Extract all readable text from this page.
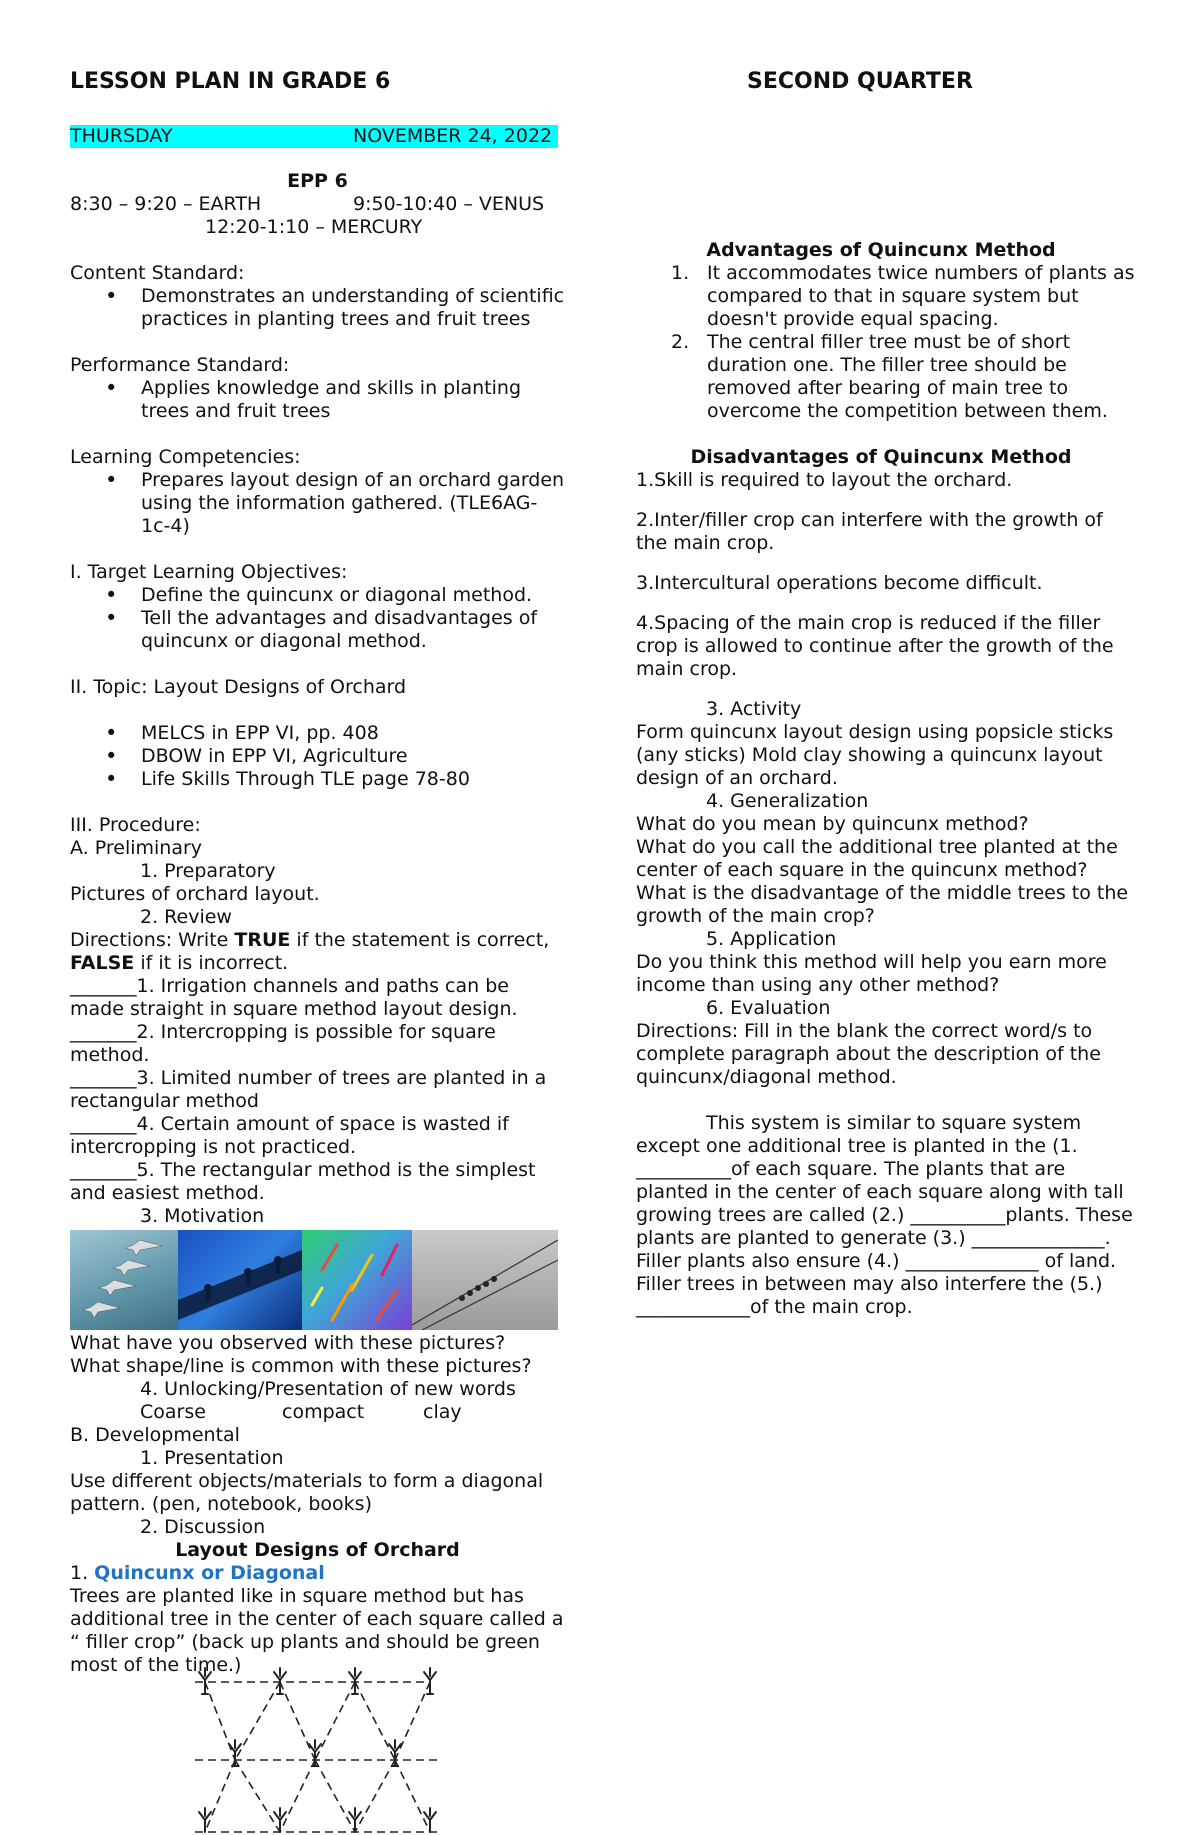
LESSON PLAN IN GRADE 6	SECOND QUARTER
THURSDAY	NOVEMBER 24, 2022
EPP 6
8:30 – 9:20 – EARTH	9:50-10:40 – VENUS
12:20-1:10 – MERCURY
Content Standard:
• Demonstrates an understanding of scientific practices in planting trees and fruit trees
Performance Standard:
• Applies knowledge and skills in planting trees and fruit trees
Learning Competencies:
• Prepares layout design of an orchard garden using the information gathered. (TLE6AG-1c-4)
I. Target Learning Objectives:
• Define the quincunx or diagonal method.
• Tell the advantages and disadvantages of quincunx or diagonal method.
II. Topic: Layout Designs of Orchard
• MELCS in EPP VI, pp. 408
• DBOW in EPP VI, Agriculture
• Life Skills Through TLE page 78-80
III. Procedure:
A. Preliminary
1. Preparatory
Pictures of orchard layout.
2. Review
Directions: Write TRUE if the statement is correct, FALSE if it is incorrect.
_______1. Irrigation channels and paths can be made straight in square method layout design.
_______2. Intercropping is possible for square method.
_______3. Limited number of trees are planted in a rectangular method
_______4. Certain amount of space is wasted if intercropping is not practiced.
_______5. The rectangular method is the simplest and easiest method.
3. Motivation
What have you observed with these pictures?
What shape/line is common with these pictures?
4. Unlocking/Presentation of new words
Coarse	compact	clay
B. Developmental
1. Presentation
Use different objects/materials to form a diagonal pattern. (pen, notebook, books)
2. Discussion
Layout Designs of Orchard
1. Quincunx or Diagonal
Trees are planted like in square method but has additional tree in the center of each square called a “ filler crop” (back up plants and should be green most of the time.)
Advantages of Quincunx Method
1. It accommodates twice numbers of plants as compared to that in square system but doesn't provide equal spacing.
2. The central filler tree must be of short duration one. The filler tree should be removed after bearing of main tree to overcome the competition between them.
Disadvantages of Quincunx Method
1.Skill is required to layout the orchard.
2.Inter/filler crop can interfere with the growth of the main crop.
3.Intercultural operations become difficult.
4.Spacing of the main crop is reduced if the filler crop is allowed to continue after the growth of the main crop.
3. Activity
Form quincunx layout design using popsicle sticks (any sticks) Mold clay showing a quincunx layout design of an orchard.
4. Generalization
What do you mean by quincunx method?
What do you call the additional tree planted at the center of each square in the quincunx method?
What is the disadvantage of the middle trees to the growth of the main crop?
5. Application
Do you think this method will help you earn more income than using any other method?
6. Evaluation
Directions: Fill in the blank the correct word/s to complete paragraph about the description of the quincunx/diagonal method.
This system is similar to square system except one additional tree is planted in the (1. __________of each square. The plants that are planted in the center of each square along with tall growing trees are called (2.) __________plants. These plants are planted to generate (3.) ______________. Filler plants also ensure (4.) ______________ of land. Filler trees in between may also interfere the (5.) ____________of the main crop.
